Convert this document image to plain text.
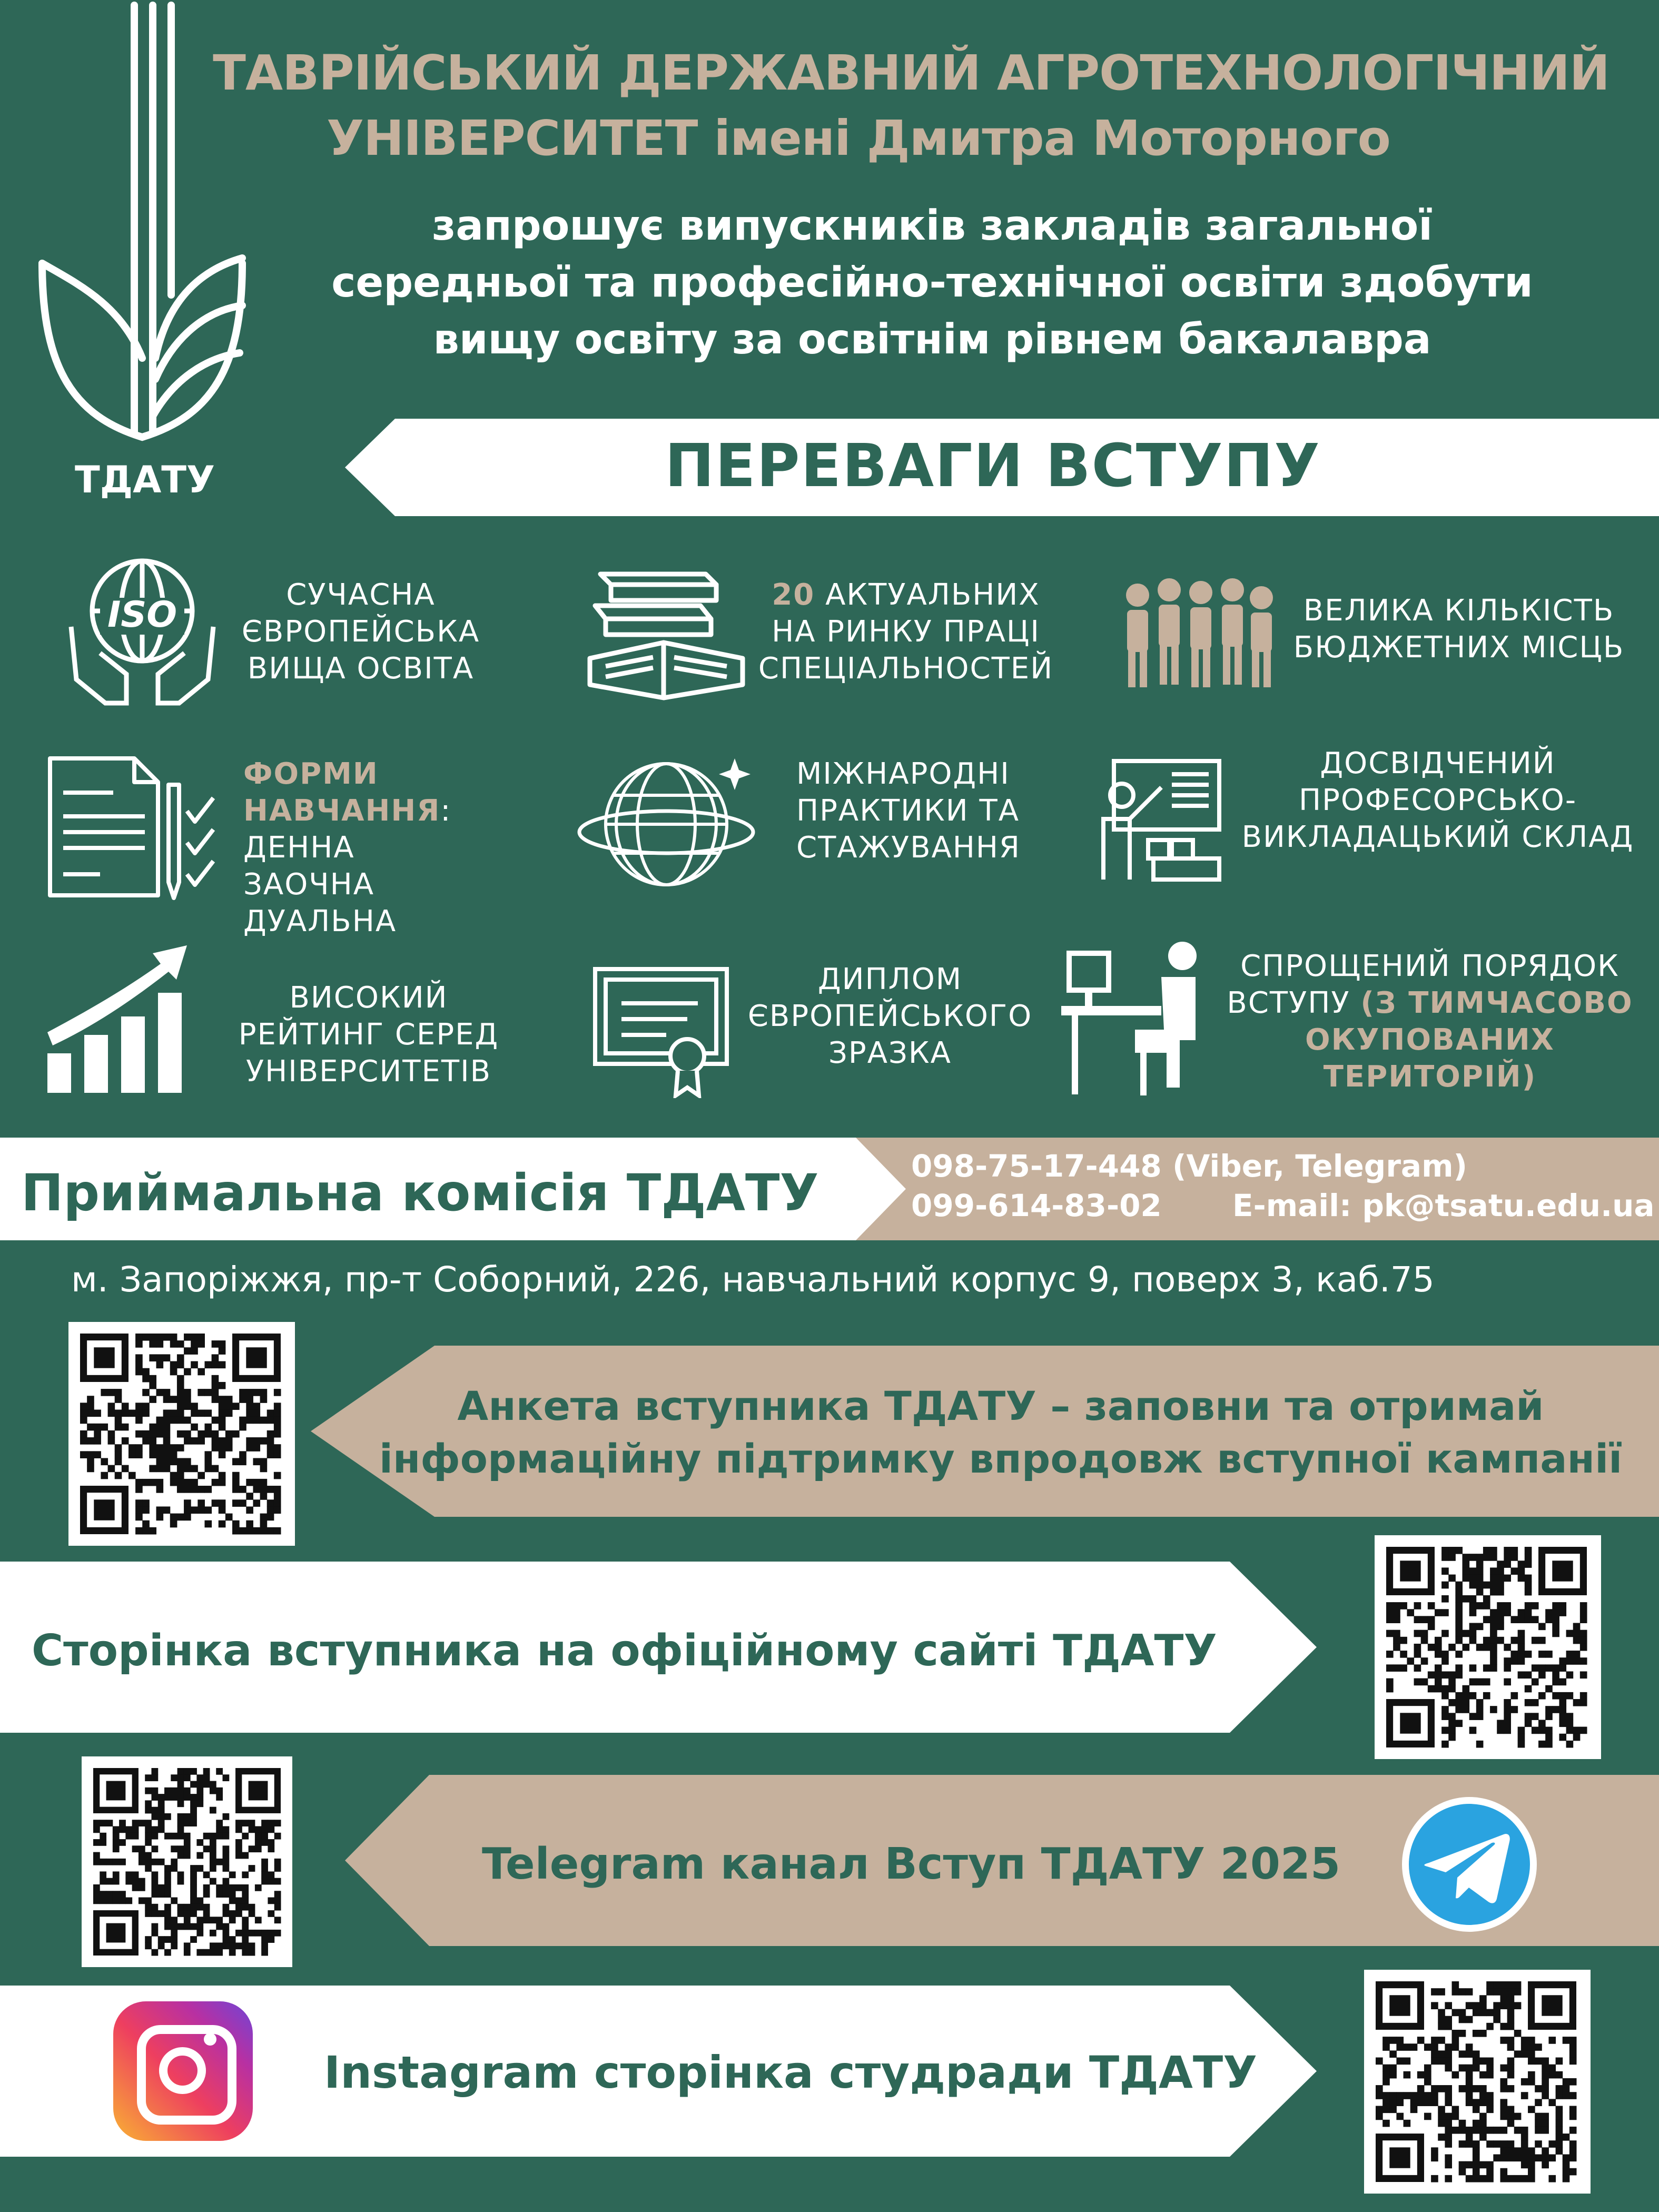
ТДАТУ
ТАВРІЙСЬКИЙ ДЕРЖАВНИЙ АГРОТЕХНОЛОГІЧНИЙ
УНІВЕРСИТЕТ імені Дмитра Моторного
запрошує випускників закладів загальної
середньої та професійно-технічної освіти здобути
вищу освіту за освітнім рівнем бакалавра
ПЕРЕВАГИ ВСТУПУ
ISO	СУЧАСНА
ЄВРОПЕЙСЬКА
ВИЩА ОСВІТА
20 АКТУАЛЬНИХ
НА РИНКУ ПРАЦІ
СПЕЦІАЛЬНОСТЕЙ
ВЕЛИКА КІЛЬКІСТЬ
БЮДЖЕТНИХ МІСЦЬ
ФОРМИ НАВЧАННЯ:
ДЕННА
ЗАОЧНА
ДУАЛЬНА
МІЖНАРОДНІ
ПРАКТИКИ ТА
СТАЖУВАННЯ
ДОСВІДЧЕНИЙ
ПРОФЕСОРСЬКО-
ВИКЛАДАЦЬКИЙ СКЛАД
ВИСОКИЙ
РЕЙТИНГ СЕРЕД
УНІВЕРСИТЕТІВ
ДИПЛОМ
ЄВРОПЕЙСЬКОГО
ЗРАЗКА
СПРОЩЕНИЙ ПОРЯДОК
ВСТУПУ (З ТИМЧАСОВО
ОКУПОВАНИХ ТЕРИТОРІЙ)
Приймальна комісія ТДАТУ	098-75-17-448 (Viber, Telegram)
099-614-83-02 E-mail: pk@tsatu.edu.ua
м. Запоріжжя, пр-т Соборний, 226, навчальний корпус 9, поверх 3, каб.75
Анкета вступника ТДАТУ – заповни та отримай
інформаційну підтримку впродовж вступної кампанії
Сторінка вступника на офіційному сайті ТДАТУ
Telegram канал Вступ ТДАТУ 2025
Instagram сторінка студради ТДАТУ
